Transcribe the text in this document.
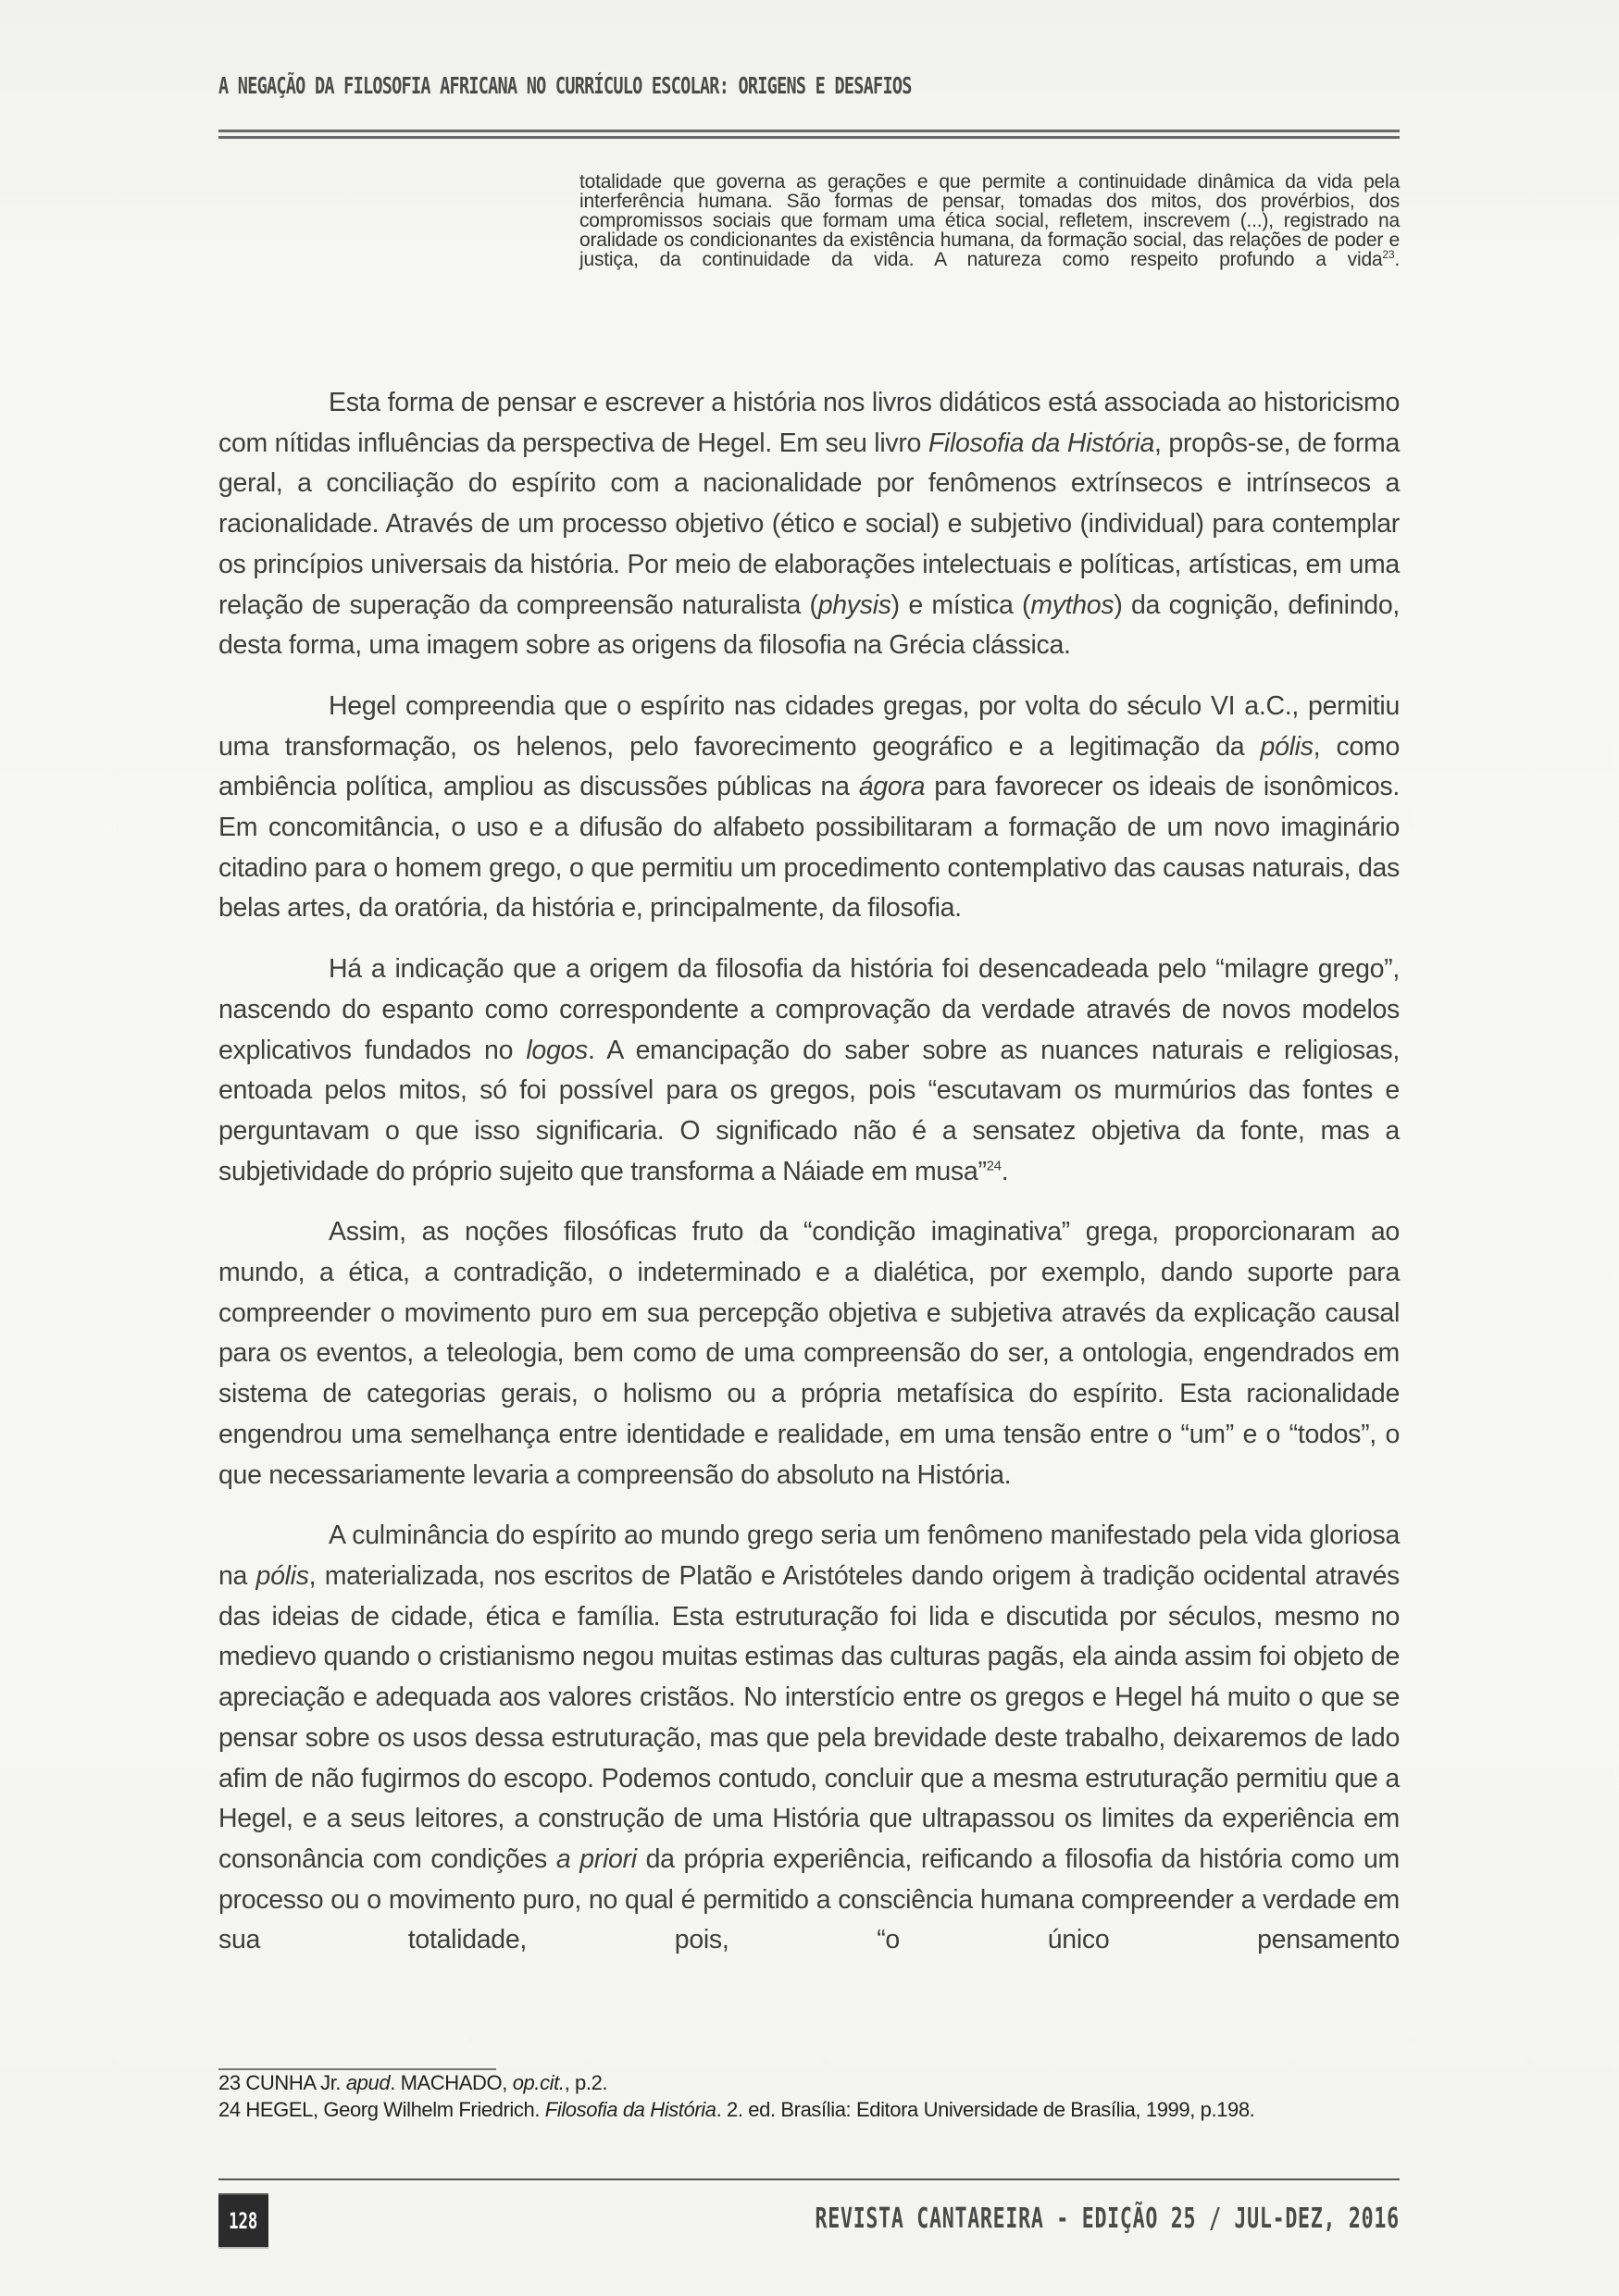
A NEGAÇÃO DA FILOSOFIA AFRICANA NO CURRÍCULO ESCOLAR: ORIGENS E DESAFIOS
totalidade que governa as gerações e que permite a continuidade dinâmica da vida pela interferência humana. São formas de pensar, tomadas dos mitos, dos provérbios, dos compromissos sociais que formam uma ética social, refletem, inscrevem (...), registrado na oralidade os condicionantes da existência humana, da formação social, das relações de poder e justiça, da continuidade da vida. A natureza como respeito profundo a vida$^{23}$.

Esta forma de pensar e escrever a história nos livros didáticos está associada ao historicismo com nítidas influências da perspectiva de Hegel. Em seu livro Filosofia da História, propôs-se, de forma geral, a conciliação do espírito com a nacionalidade por fenômenos extrínsecos e intrínsecos a racionalidade. Através de um processo objetivo (ético e social) e subjetivo (individual) para contemplar os princípios universais da história. Por meio de elaborações intelectuais e políticas, artísticas, em uma relação de superação da compreensão naturalista (physis) e mística (mythos) da cognição, definindo, desta forma, uma imagem sobre as origens da filosofia na Grécia clássica.

Hegel compreendia que o espírito nas cidades gregas, por volta do século VI a.C., permitiu uma transformação, os helenos, pelo favorecimento geográfico e a legitimação da pólis, como ambiência política, ampliou as discussões públicas na ágora para favorecer os ideais de isonômicos. Em concomitância, o uso e a difusão do alfabeto possibilitaram a formação de um novo imaginário citadino para o homem grego, o que permitiu um procedimento contemplativo das causas naturais, das belas artes, da oratória, da história e, principalmente, da filosofia.

Há a indicação que a origem da filosofia da história foi desencadeada pelo “milagre grego”, nascendo do espanto como correspondente a comprovação da verdade através de novos modelos explicativos fundados no logos. A emancipação do saber sobre as nuances naturais e religiosas, entoada pelos mitos, só foi possível para os gregos, pois “escutavam os murmúrios das fontes e perguntavam o que isso significaria. O significado não é a sensatez objetiva da fonte, mas a subjetividade do próprio sujeito que transforma a Náiade em musa”$^{24}$.

Assim, as noções filosóficas fruto da “condição imaginativa” grega, proporcionaram ao mundo, a ética, a contradição, o indeterminado e a dialética, por exemplo, dando suporte para compreender o movimento puro em sua percepção objetiva e subjetiva através da explicação causal para os eventos, a teleologia, bem como de uma compreensão do ser, a ontologia, engendrados em sistema de categorias gerais, o holismo ou a própria metafísica do espírito. Esta racionalidade engendrou uma semelhança entre identidade e realidade, em uma tensão entre o “um” e o “todos”, o que necessariamente levaria a compreensão do absoluto na História.

A culminância do espírito ao mundo grego seria um fenômeno manifestado pela vida gloriosa na pólis, materializada, nos escritos de Platão e Aristóteles dando origem à tradição ocidental através das ideias de cidade, ética e família. Esta estruturação foi lida e discutida por séculos, mesmo no medievo quando o cristianismo negou muitas estimas das culturas pagãs, ela ainda assim foi objeto de apreciação e adequada aos valores cristãos. No interstício entre os gregos e Hegel há muito o que se pensar sobre os usos dessa estruturação, mas que pela brevidade deste trabalho, deixaremos de lado afim de não fugirmos do escopo. Podemos contudo, concluir que a mesma estruturação permitiu que a Hegel, e a seus leitores, a construção de uma História que ultrapassou os limites da experiência em consonância com condições a priori da própria experiência, reificando a filosofia da história como um processo ou o movimento puro, no qual é permitido a consciência humana compreender a verdade em sua totalidade, pois, “o único pensamento

23 CUNHA Jr. apud. MACHADO, op.cit., p.2.

24 HEGEL, Georg Wilhelm Friedrich. Filosofia da História. 2. ed. Brasília: Editora Universidade de Brasília, 1999, p.198.

128	REVISTA CANTAREIRA - EDIÇÃO 25 / JUL-DEZ, 2016
